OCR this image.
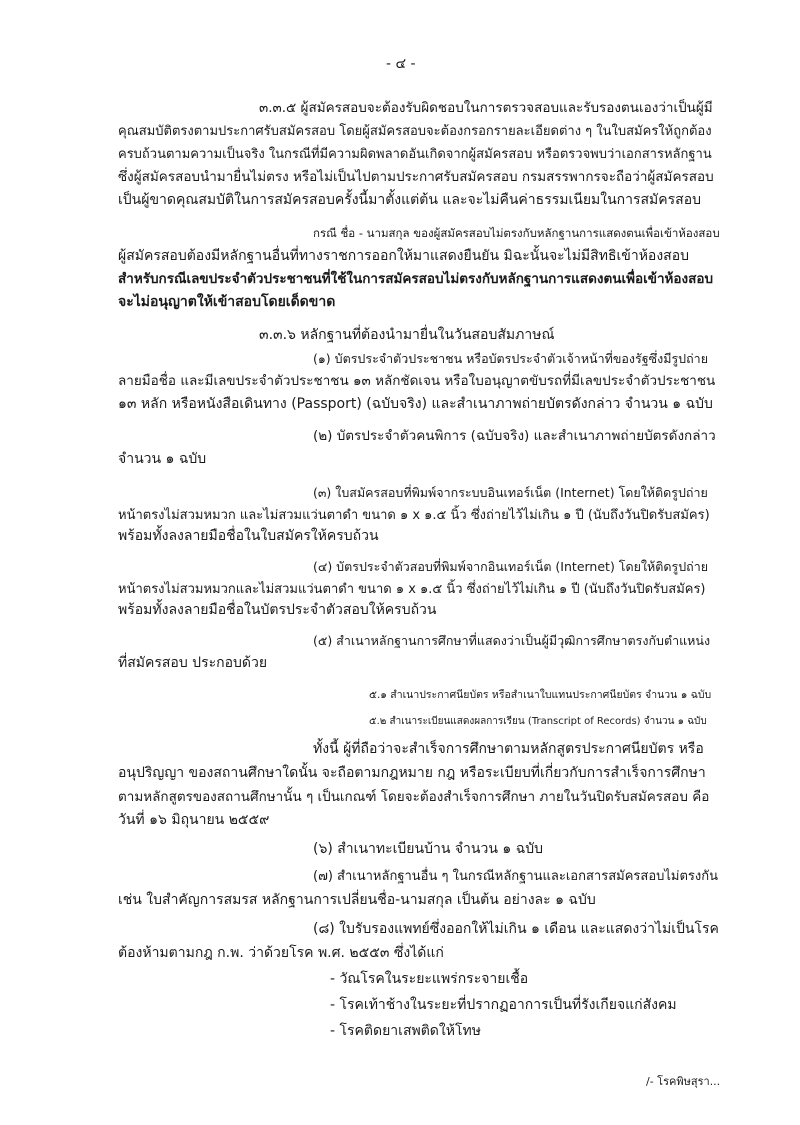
- ๔ -
๓.๓.๕ ผู้สมัครสอบจะต้องรับผิดชอบในการตรวจสอบและรับรองตนเองว่าเป็นผู้มี
คุณสมบัติตรงตามประกาศรับสมัครสอบ โดยผู้สมัครสอบจะต้องกรอกรายละเอียดต่าง ๆ ในใบสมัครให้ถูกต้อง
ครบถ้วนตามความเป็นจริง ในกรณีที่มีความผิดพลาดอันเกิดจากผู้สมัครสอบ หรือตรวจพบว่าเอกสารหลักฐาน
ซึ่งผู้สมัครสอบนำมายื่นไม่ตรง หรือไม่เป็นไปตามประกาศรับสมัครสอบ กรมสรรพากรจะถือว่าผู้สมัครสอบ
เป็นผู้ขาดคุณสมบัติในการสมัครสอบครั้งนี้มาตั้งแต่ต้น และจะไม่คืนค่าธรรมเนียมในการสมัครสอบ
กรณี ชื่อ - นามสกุล ของผู้สมัครสอบไม่ตรงกับหลักฐานการแสดงตนเพื่อเข้าห้องสอบ
ผู้สมัครสอบต้องมีหลักฐานอื่นที่ทางราชการออกให้มาแสดงยืนยัน มิฉะนั้นจะไม่มีสิทธิเข้าห้องสอบ
สำหรับกรณีเลขประจำตัวประชาชนที่ใช้ในการสมัครสอบไม่ตรงกับหลักฐานการแสดงตนเพื่อเข้าห้องสอบ
จะไม่อนุญาตให้เข้าสอบโดยเด็ดขาด
๓.๓.๖ หลักฐานที่ต้องนำมายื่นในวันสอบสัมภาษณ์
(๑) บัตรประจำตัวประชาชน หรือบัตรประจำตัวเจ้าหน้าที่ของรัฐซึ่งมีรูปถ่าย
ลายมือชื่อ และมีเลขประจำตัวประชาชน ๑๓ หลักชัดเจน หรือใบอนุญาตขับรถที่มีเลขประจำตัวประชาชน
๑๓ หลัก หรือหนังสือเดินทาง (Passport) (ฉบับจริง) และสำเนาภาพถ่ายบัตรดังกล่าว จำนวน ๑ ฉบับ
(๒) บัตรประจำตัวคนพิการ (ฉบับจริง) และสำเนาภาพถ่ายบัตรดังกล่าว
จำนวน ๑ ฉบับ
(๓) ใบสมัครสอบที่พิมพ์จากระบบอินเทอร์เน็ต (Internet) โดยให้ติดรูปถ่าย
หน้าตรงไม่สวมหมวก และไม่สวมแว่นตาดำ ขนาด ๑ x ๑.๕ นิ้ว ซึ่งถ่ายไว้ไม่เกิน ๑ ปี (นับถึงวันปิดรับสมัคร)
พร้อมทั้งลงลายมือชื่อในใบสมัครให้ครบถ้วน
(๔) บัตรประจำตัวสอบที่พิมพ์จากอินเทอร์เน็ต (Internet) โดยให้ติดรูปถ่าย
หน้าตรงไม่สวมหมวกและไม่สวมแว่นตาดำ ขนาด ๑ x ๑.๕ นิ้ว ซึ่งถ่ายไว้ไม่เกิน ๑ ปี (นับถึงวันปิดรับสมัคร)
พร้อมทั้งลงลายมือชื่อในบัตรประจำตัวสอบให้ครบถ้วน
(๕) สำเนาหลักฐานการศึกษาที่แสดงว่าเป็นผู้มีวุฒิการศึกษาตรงกับตำแหน่ง
ที่สมัครสอบ ประกอบด้วย
๕.๑ สำเนาประกาศนียบัตร หรือสำเนาใบแทนประกาศนียบัตร จำนวน ๑ ฉบับ
๕.๒ สำเนาระเบียนแสดงผลการเรียน (Transcript of Records) จำนวน ๑ ฉบับ
ทั้งนี้ ผู้ที่ถือว่าจะสำเร็จการศึกษาตามหลักสูตรประกาศนียบัตร หรือ
อนุปริญญา ของสถานศึกษาใดนั้น จะถือตามกฎหมาย กฎ หรือระเบียบที่เกี่ยวกับการสำเร็จการศึกษา
ตามหลักสูตรของสถานศึกษานั้น ๆ เป็นเกณฑ์ โดยจะต้องสำเร็จการศึกษา ภายในวันปิดรับสมัครสอบ คือ
วันที่ ๑๖ มิถุนายน ๒๕๕๙
(๖) สำเนาทะเบียนบ้าน จำนวน ๑ ฉบับ
(๗) สำเนาหลักฐานอื่น ๆ ในกรณีหลักฐานและเอกสารสมัครสอบไม่ตรงกัน
เช่น ใบสำคัญการสมรส หลักฐานการเปลี่ยนชื่อ-นามสกุล เป็นต้น อย่างละ ๑ ฉบับ
(๘) ใบรับรองแพทย์ซึ่งออกให้ไม่เกิน ๑ เดือน และแสดงว่าไม่เป็นโรค
ต้องห้ามตามกฎ ก.พ. ว่าด้วยโรค พ.ศ. ๒๕๕๓ ซึ่งได้แก่
- วัณโรคในระยะแพร่กระจายเชื้อ
- โรคเท้าช้างในระยะที่ปรากฏอาการเป็นที่รังเกียจแก่สังคม
- โรคติดยาเสพติดให้โทษ
/- โรคพิษสุรา...
